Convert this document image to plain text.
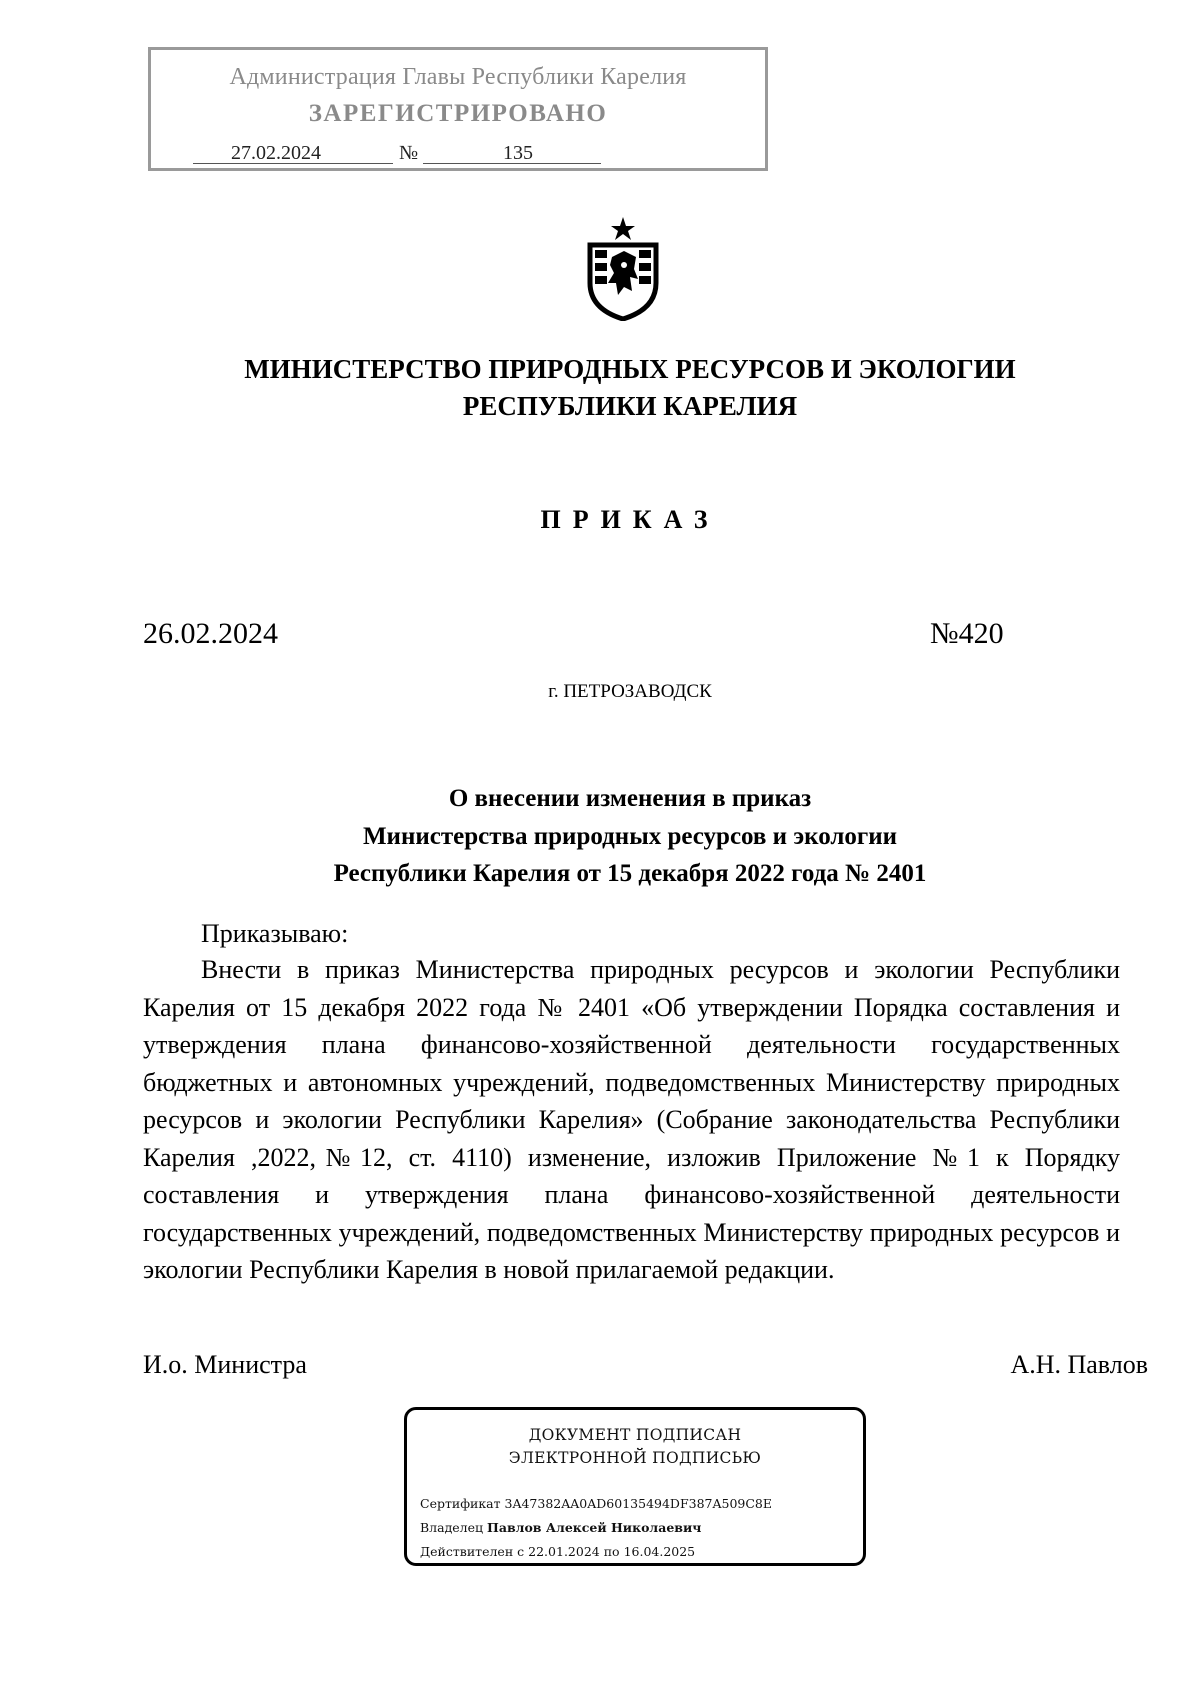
Администрация Главы Республики Карелия
ЗАРЕГИСТРИРОВАНО
27.02.2024	№	135
МИНИСТЕРСТВО ПРИРОДНЫХ РЕСУРСОВ И ЭКОЛОГИИ
РЕСПУБЛИКИ КАРЕЛИЯ
ПРИКАЗ
26.02.2024	№420
г. ПЕТРОЗАВОДСК
О внесении изменения в приказ
Министерства природных ресурсов и экологии
Республики Карелия от 15 декабря 2022 года № 2401
Приказываю:

Внести в приказ Министерства природных ресурсов и экологии Республики Карелия от 15 декабря 2022 года № 2401 «Об утверждении Порядка составления и утверждения плана финансово-хозяйственной деятельности государственных бюджетных и автономных учреждений, подведомственных Министерству природных ресурсов и экологии Республики Карелия» (Собрание законодательства Республики Карелия ,2022,№12, ст. 4110) изменение, изложив Приложение №1 к Порядку составления и утверждения плана финансово-хозяйственной деятельности государственных учреждений, подведомственных Министерству природных ресурсов и экологии Республики Карелия в новой прилагаемой редакции.

И.о. Министра	А.Н. Павлов
ДОКУМЕНТ ПОДПИСАН
ЭЛЕКТРОННОЙ ПОДПИСЬЮ
Сертификат 3A47382AA0AD60135494DF387A509C8E
Владелец Павлов Алексей Николаевич
Действителен с 22.01.2024 по 16.04.2025
